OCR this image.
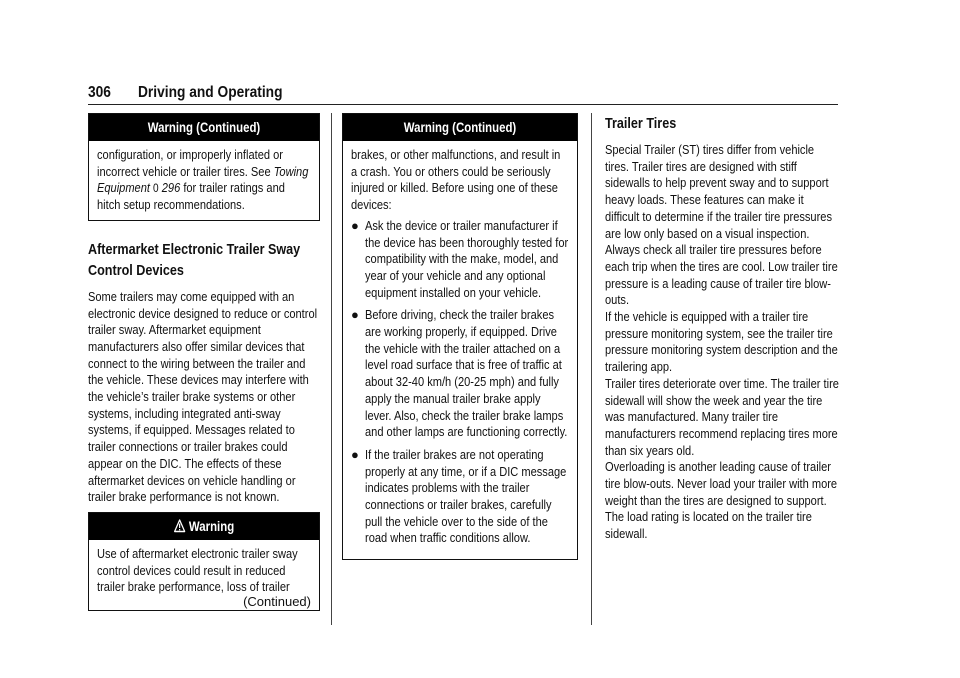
306 Driving and Operating
Warning (Continued)

configuration, or improperly inflated or incorrect vehicle or trailer tires. See Towing Equipment 0 296 for trailer ratings and hitch setup recommendations.

Aftermarket Electronic Trailer Sway Control Devices

Some trailers may come equipped with an electronic device designed to reduce or control trailer sway. Aftermarket equipment manufacturers also offer similar devices that connect to the wiring between the trailer and the vehicle. These devices may interfere with the vehicle’s trailer brake systems or other systems, including integrated anti-sway systems, if equipped. Messages related to trailer connections or trailer brakes could appear on the DIC. The effects of these aftermarket devices on vehicle handling or trailer brake performance is not known.

Warning

Use of aftermarket electronic trailer sway control devices could result in reduced trailer brake performance, loss of trailer

(Continued)
Warning (Continued)

brakes, or other malfunctions, and result in a crash. You or others could be seriously injured or killed. Before using one of these devices:

● Ask the device or trailer manufacturer if the device has been thoroughly tested for compatibility with the make, model, and year of your vehicle and any optional equipment installed on your vehicle.
● Before driving, check the trailer brakes are working properly, if equipped. Drive the vehicle with the trailer attached on a level road surface that is free of traffic at about 32-40 km/h (20-25 mph) and fully apply the manual trailer brake apply lever. Also, check the trailer brake lamps and other lamps are functioning correctly.
● If the trailer brakes are not operating properly at any time, or if a DIC message indicates problems with the trailer connections or trailer brakes, carefully pull the vehicle over to the side of the road when traffic conditions allow.
Trailer Tires

Special Trailer (ST) tires differ from vehicle tires. Trailer tires are designed with stiff sidewalls to help prevent sway and to support heavy loads. These features can make it difficult to determine if the trailer tire pressures are low only based on a visual inspection.

Always check all trailer tire pressures before each trip when the tires are cool. Low trailer tire pressure is a leading cause of trailer tire blow-outs.

If the vehicle is equipped with a trailer tire pressure monitoring system, see the trailer tire pressure monitoring system description and the trailering app.

Trailer tires deteriorate over time. The trailer tire sidewall will show the week and year the tire was manufactured. Many trailer tire manufacturers recommend replacing tires more than six years old.

Overloading is another leading cause of trailer tire blow-outs. Never load your trailer with more weight than the tires are designed to support. The load rating is located on the trailer tire sidewall.
